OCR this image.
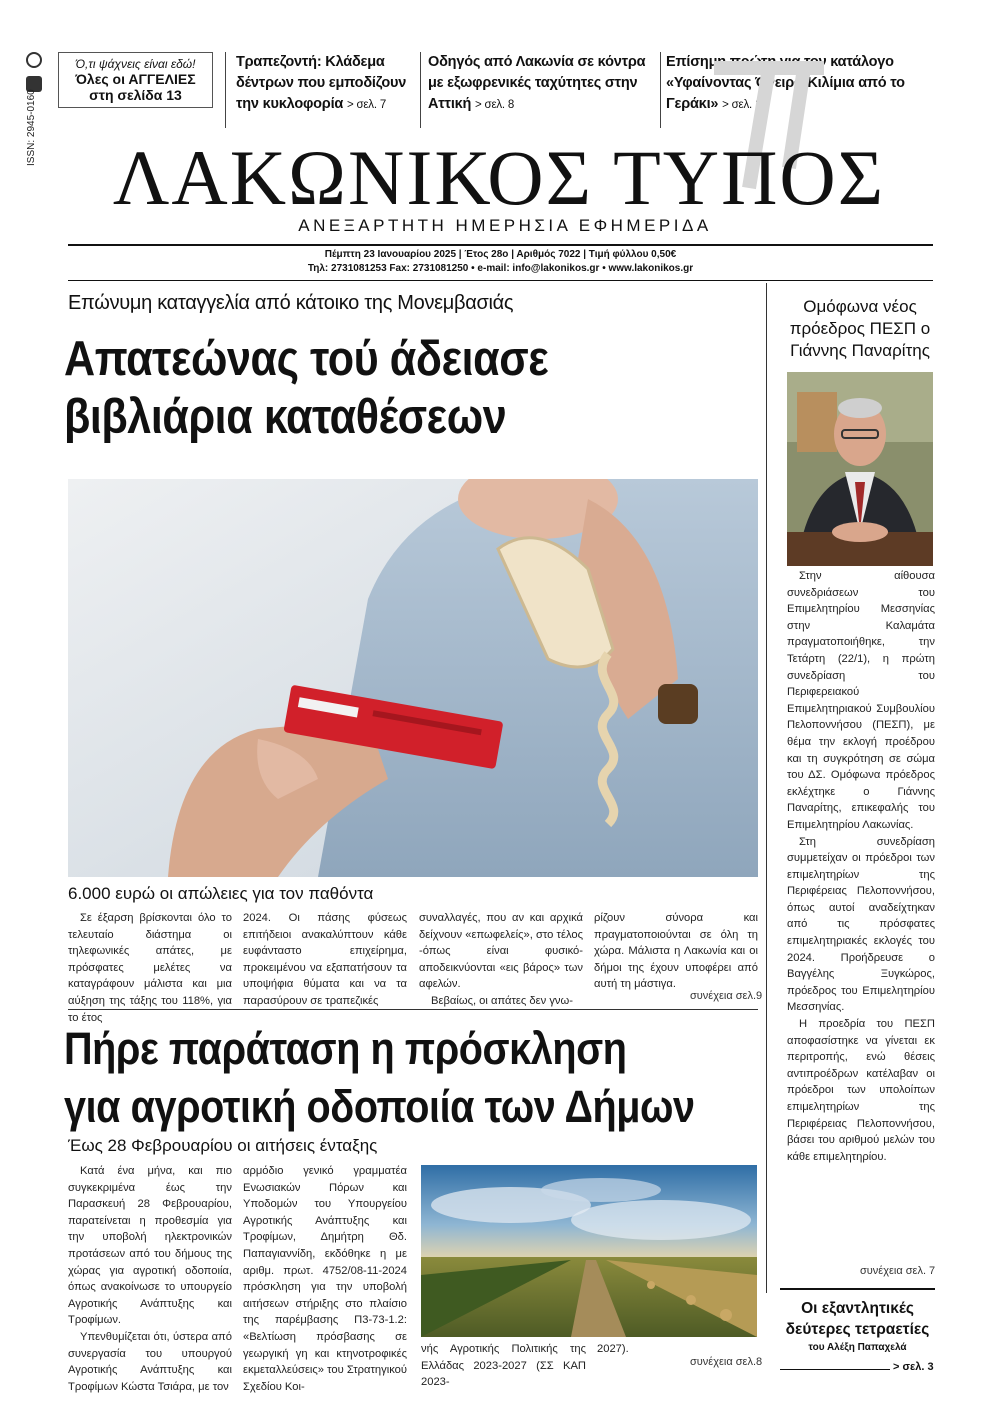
ISSN: 2945-0160
Ό,τι ψάχνεις είναι εδώ!
Όλες οι ΑΓΓΕΛΙΕΣ
στη σελίδα 13
Τραπεζοντή: Κλάδεμα δέντρων που εμποδίζουν την κυκλοφορία > σελ. 7
Οδηγός από Λακωνία σε κόντρα με εξωφρενικές ταχύτητες στην Αττική > σελ. 8
Επίσημη πρώτη για τον κατάλογο «Υφαίνοντας Όνειρα-Κιλίμια από το Γεράκι» > σελ. 11
ΛΑΚΩΝΙΚΟΣ ΤΥΠΟΣ
ΑΝΕΞΑΡΤΗΤΗ ΗΜΕΡΗΣΙΑ ΕΦΗΜΕΡΙΔΑ
Πέμπτη 23 Ιανουαρίου 2025 | Έτος 28ο | Αριθμός 7022 | Τιμή φύλλου 0,50€
Τηλ: 2731081253 Fax: 2731081250 • e-mail: info@lakonikos.gr • www.lakonikos.gr
Επώνυμη καταγγελία από κάτοικο της Μονεμβασιάς
Απατεώνας τού άδειασε
βιβλιάρια καταθέσεων
6.000 ευρώ οι απώλειες για τον παθόντα

Σε έξαρση βρίσκονται όλο το τελευταίο διάστημα οι τηλεφωνικές απάτες, με πρόσφατες μελέτες να καταγράφουν μάλιστα και μια αύξηση της τάξης του 118%, για το έτος

2024. Οι πάσης φύσεως επιτήδειοι ανακαλύπτουν κάθε ευφάνταστο επιχείρημα, προκειμένου να εξαπατήσουν τα υποψήφια θύματα και να τα παρασύρουν σε τραπεζικές

συναλλαγές, που αν και αρχικά δείχνουν «επωφελείς», στο τέλος -όπως είναι φυσικό- αποδεικνύονται «εις βάρος» των αφελών.

Βεβαίως, οι απάτες δεν γνω-

ρίζουν σύνορα και πραγματοποιούνται σε όλη τη χώρα. Μάλιστα η Λακωνία και οι δήμοι της έχουν υποφέρει από αυτή τη μάστιγα.

συνέχεια σελ.9
Πήρε παράταση η πρόσκληση
για αγροτική οδοποιία των Δήμων
Έως 28 Φεβρουαρίου οι αιτήσεις ένταξης

Κατά ένα μήνα, και πιο συγκεκριμένα έως την Παρασκευή 28 Φεβρουαρίου, παρατείνεται η προθεσμία για την υποβολή ηλεκτρονικών προτάσεων από του δήμους της χώρας για αγροτική οδοποιία, όπως ανακοίνωσε το υπουργείο Αγροτικής Ανάπτυξης και Τροφίμων.

Υπενθυμίζεται ότι, ύστερα από συνεργασία του υπουργού Αγροτικής Ανάπτυξης και Τροφίμων Κώστα Τσιάρα, με τον

αρμόδιο γενικό γραμματέα Ενωσιακών Πόρων και Υποδομών του Υπουργείου Αγροτικής Ανάπτυξης και Τροφίμων, Δημήτρη Θδ. Παπαγιαννίδη, εκδόθηκε η με αριθμ. πρωτ. 4752/08-11-2024 πρόσκληση για την υποβολή αιτήσεων στήριξης στο πλαίσιο της παρέμβασης Π3-73-1.2: «Βελτίωση πρόσβασης σε γεωργική γη και κτηνοτροφικές εκμεταλλεύσεις» του Στρατηγικού Σχεδίου Κοι-

νής Αγροτικής Πολιτικής της Ελλάδας 2023-2027 (ΣΣ ΚΑΠ 2023-

2027).

συνέχεια σελ.8
Ομόφωνα νέος πρόεδρος ΠΕΣΠ ο Γιάννης Παναρίτης

Στην αίθουσα συνεδριάσεων του Επιμελητηρίου Μεσσηνίας στην Καλαμάτα πραγματοποιήθηκε, την Τετάρτη (22/1), η πρώτη συνεδρίαση του Περιφερειακού Επιμελητηριακού Συμβουλίου Πελοποννήσου (ΠΕΣΠ), με θέμα την εκλογή προέδρου και τη συγκρότηση σε σώμα του ΔΣ. Ομόφωνα πρόεδρος εκλέχτηκε ο Γιάννης Παναρίτης, επικεφαλής του Επιμελητηρίου Λακωνίας.

Στη συνεδρίαση συμμετείχαν οι πρόεδροι των επιμελητηρίων της Περιφέρειας Πελοποννήσου, όπως αυτοί αναδείχτηκαν από τις πρόσφατες επιμελητηριακές εκλογές του 2024. Προήδρευσε ο Βαγγέλης Ξυγκώρος, πρόεδρος του Επιμελητηρίου Μεσσηνίας.

Η προεδρία του ΠΕΣΠ αποφασίστηκε να γίνεται εκ περιτροπής, ενώ θέσεις αντιπροέδρων κατέλαβαν οι πρόεδροι των υπολοίπων επιμελητηρίων της Περιφέρειας Πελοποννήσου, βάσει του αριθμού μελών του κάθε επιμελητηρίου.

συνέχεια σελ. 7
Οι εξαντλητικές δεύτερες τετραετίες
του Αλέξη Παπαχελά
> σελ. 3
